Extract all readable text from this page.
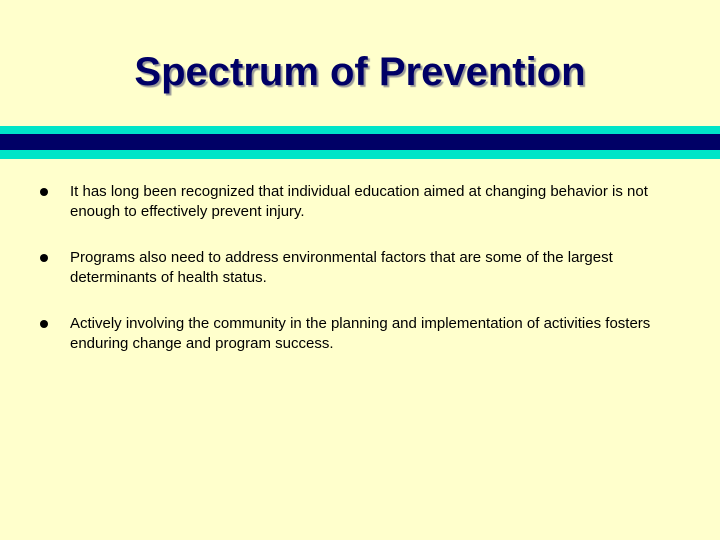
Spectrum of Prevention
It has long been recognized that individual education aimed at changing behavior is not enough to effectively prevent injury.
Programs also need to address environmental factors that are some of the largest determinants of health status.
Actively involving the community in the planning and implementation of activities fosters enduring change and program success.
